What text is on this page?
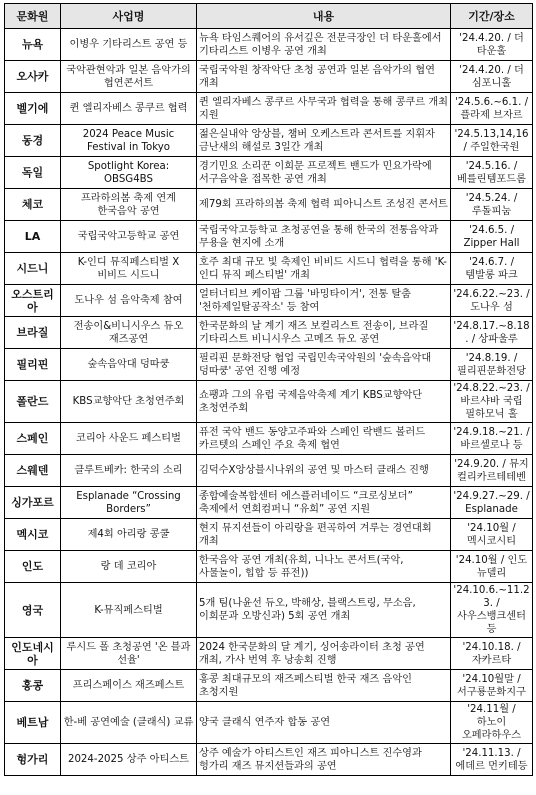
문화원	사업명	내용	기간/장소
뉴욕	이병우 기타리스트 공연 등	뉴욕 타임스퀘어의 유서깊은 전문극장인 더 타운홀에서 기타리스트 이병우 공연 개최	'24.4.20. / 더 타운홀
오사카	국악관현악과 일본 음악가의 협연콘서트	국립국악원 창작악단 초청 공연과 일본 음악가의 협연 개최	'24.4.20. / 더 심포니홀
벨기에	퀸 엘리자베스 콩쿠르 협력	퀸 엘리자베스 콩쿠르 사무국과 협력을 통해 콩쿠르 개최 지원	'24.5.6.~6.1. / 플라제 브자르
동경	2024 Peace Music Festival in Tokyo	젊은실내악 앙상블, 챔버 오케스트라 콘서트를 지휘자 금난새의 해설로 3일간 개최	'24.5.13,14,16/ 주일한국원
독일	Spotlight Korea: OBSG4BS	경기민요 소리꾼 이희문 프로젝트 밴드가 민요가락에 서구음악을 접목한 공연 개최	'24.5.16. / 베를린템포드롬
체코	프라하의봄 축제 연계 한국음악 공연	제79회 프라하의봄 축제 협력 피아니스트 조성진 콘서트	'24.5.24. / 루돌피눔
LA	국립국악고등학교 공연	국립국악고등학교 초청공연을 통해 한국의 전통음악과 무용을 현지에 소개	'24.6.5. / Zipper Hall
시드니	K-인디 뮤직페스티벌 X 비비드 시드니	호주 최대 규모 빛 축제인 비비드 시드니 협력을 통해 'K-인디 뮤직 페스티벌' 개최	'24.6.7. / 템발롱 파크
오스트리아	도나우 섬 음악축제 참여	얼터너티브 케이팝 그룹 '바밍타이거', 전통 탈춤 '천하제일탈공작소' 등 참여	'24.6.22.~23. / 도나우 섬
브라질	전송이&비니시우스 듀오 재즈공연	한국문화의 날 계기 재즈 보컬리스트 전송이, 브라질 기타리스트 비니시우스 고메즈 듀오 공연	'24.8.17.~8.18. / 상파울루
필리핀	숲속음악대 덩따쿵	필리핀 문화전당 협업 국립민속국악원의 '숲속음악대 덩따쿵' 공연 진행 예정	'24.8.19. / 필리핀문화전당
폴란드	KBS교향악단 초청연주회	쇼팽과 그의 유럽 국제음악축제 계기 KBS교향악단 초청연주회	'24.8.22.~23. / 바르샤바 국립 필하모닉 홀
스페인	코리아 사운드 페스티벌	퓨전 국악 밴드 동양고주파와 스페인 락밴드 볼러드 카르텟의 스페인 주요 축제 협연	'24.9.18.~21. / 바르셀로나 등
스웨덴	클루트베카: 한국의 소리	김덕수X앙상블시나위의 공연 및 마스터 클래스 진행	'24.9.20. / 뮤지 컬리카르테테벤
싱가포르	Esplanade “Crossing Borders”	종합예술복합센터 에스플러네이드 “크로싱보더” 축제에서 연희컴퍼니 “유희” 공연 지원	'24.9.27.~29. / Esplanade
멕시코	제4회 아리랑 콩쿨	현지 뮤지션들이 아리랑을 편곡하여 겨루는 경연대회 개최	'24.10월 / 멕시코시티
인도	랑 데 코리아	한국음악 공연 개최(유희, 니나노 콘서트(국악, 사물놀이, 힙합 등 퓨전))	'24.10월 / 인도 뉴델리
영국	K-뮤직페스티벌	5개 팀(나윤선 듀오, 박해상, 블랙스트링, 무소음, 이희문과 오방신과) 5회 공연 개최	'24.10.6.~11.23. / 사우스뱅크센터 등
인도네시아	루시드 폴 초청공연 '온 블과 선율'	2024 한국문화의 달 계기, 싱어송라이터 초청 공연 개최, 가사 번역 후 낭송회 진행	'24.10.18. / 자카르타
홍콩	프리스페이스 재즈페스트	홍콩 최대규모의 재즈페스티벌 한국 재즈 음악인 초청지원	'24.10월말 / 서구룡문화지구
베트남	한-베 공연예술 (클래식) 교류	양국 클래식 연주자 합동 공연	'24.11월 / 하노이 오페라하우스
헝가리	2024-2025 상주 아티스트	상주 예술가 아티스트인 재즈 피아니스트 진수영과 헝가리 재즈 뮤지션들과의 공연	'24.11.13. / 에데르 먼키테등
